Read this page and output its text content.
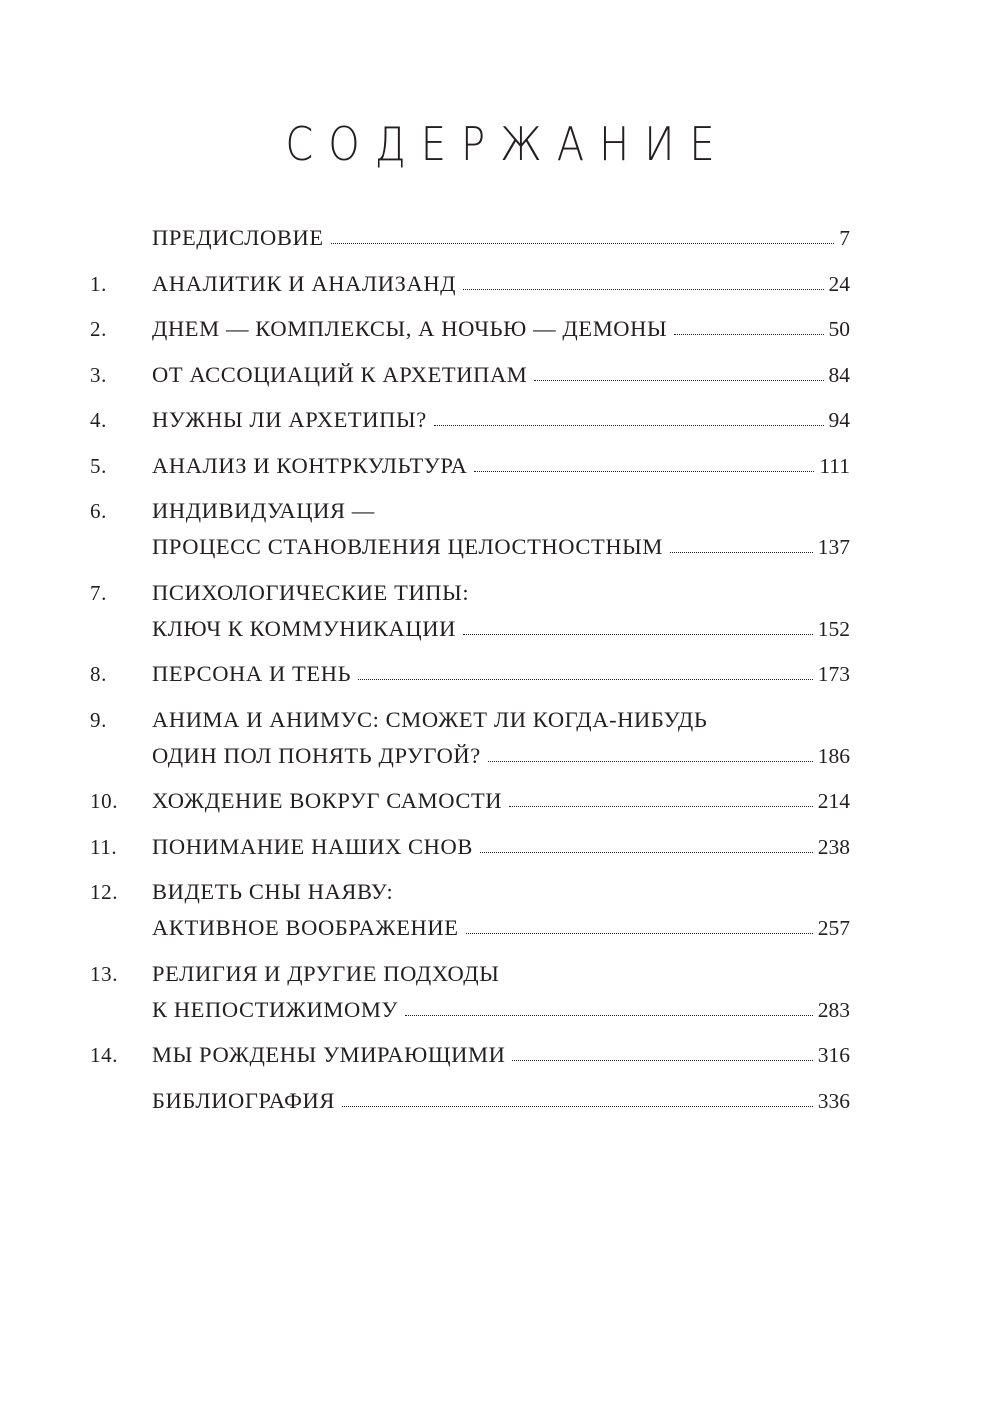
СОДЕРЖАНИЕ
ПРЕДИСЛОВИЕ	7
1.	АНАЛИТИК И АНАЛИЗАНД	24
2.	ДНЕМ — КОМПЛЕКСЫ, А НОЧЬЮ — ДЕМОНЫ	50
3.	ОТ АССОЦИАЦИЙ К АРХЕТИПАМ	84
4.	НУЖНЫ ЛИ АРХЕТИПЫ?	94
5.	АНАЛИЗ И КОНТРКУЛЬТУРА	111
6.	ИНДИВИДУАЦИЯ —
ПРОЦЕСС СТАНОВЛЕНИЯ ЦЕЛОСТНОСТНЫМ	137
7.	ПСИХОЛОГИЧЕСКИЕ ТИПЫ:
КЛЮЧ К КОММУНИКАЦИИ	152
8.	ПЕРСОНА И ТЕНЬ	173
9.	АНИМА И АНИМУС: СМОЖЕТ ЛИ КОГДА-НИБУДЬ
ОДИН ПОЛ ПОНЯТЬ ДРУГОЙ?	186
10.	ХОЖДЕНИЕ ВОКРУГ САМОСТИ	214
11.	ПОНИМАНИЕ НАШИХ СНОВ	238
12.	ВИДЕТЬ СНЫ НАЯВУ:
АКТИВНОЕ ВООБРАЖЕНИЕ	257
13.	РЕЛИГИЯ И ДРУГИЕ ПОДХОДЫ
К НЕПОСТИЖИМОМУ	283
14.	МЫ РОЖДЕНЫ УМИРАЮЩИМИ	316
БИБЛИОГРАФИЯ	336
